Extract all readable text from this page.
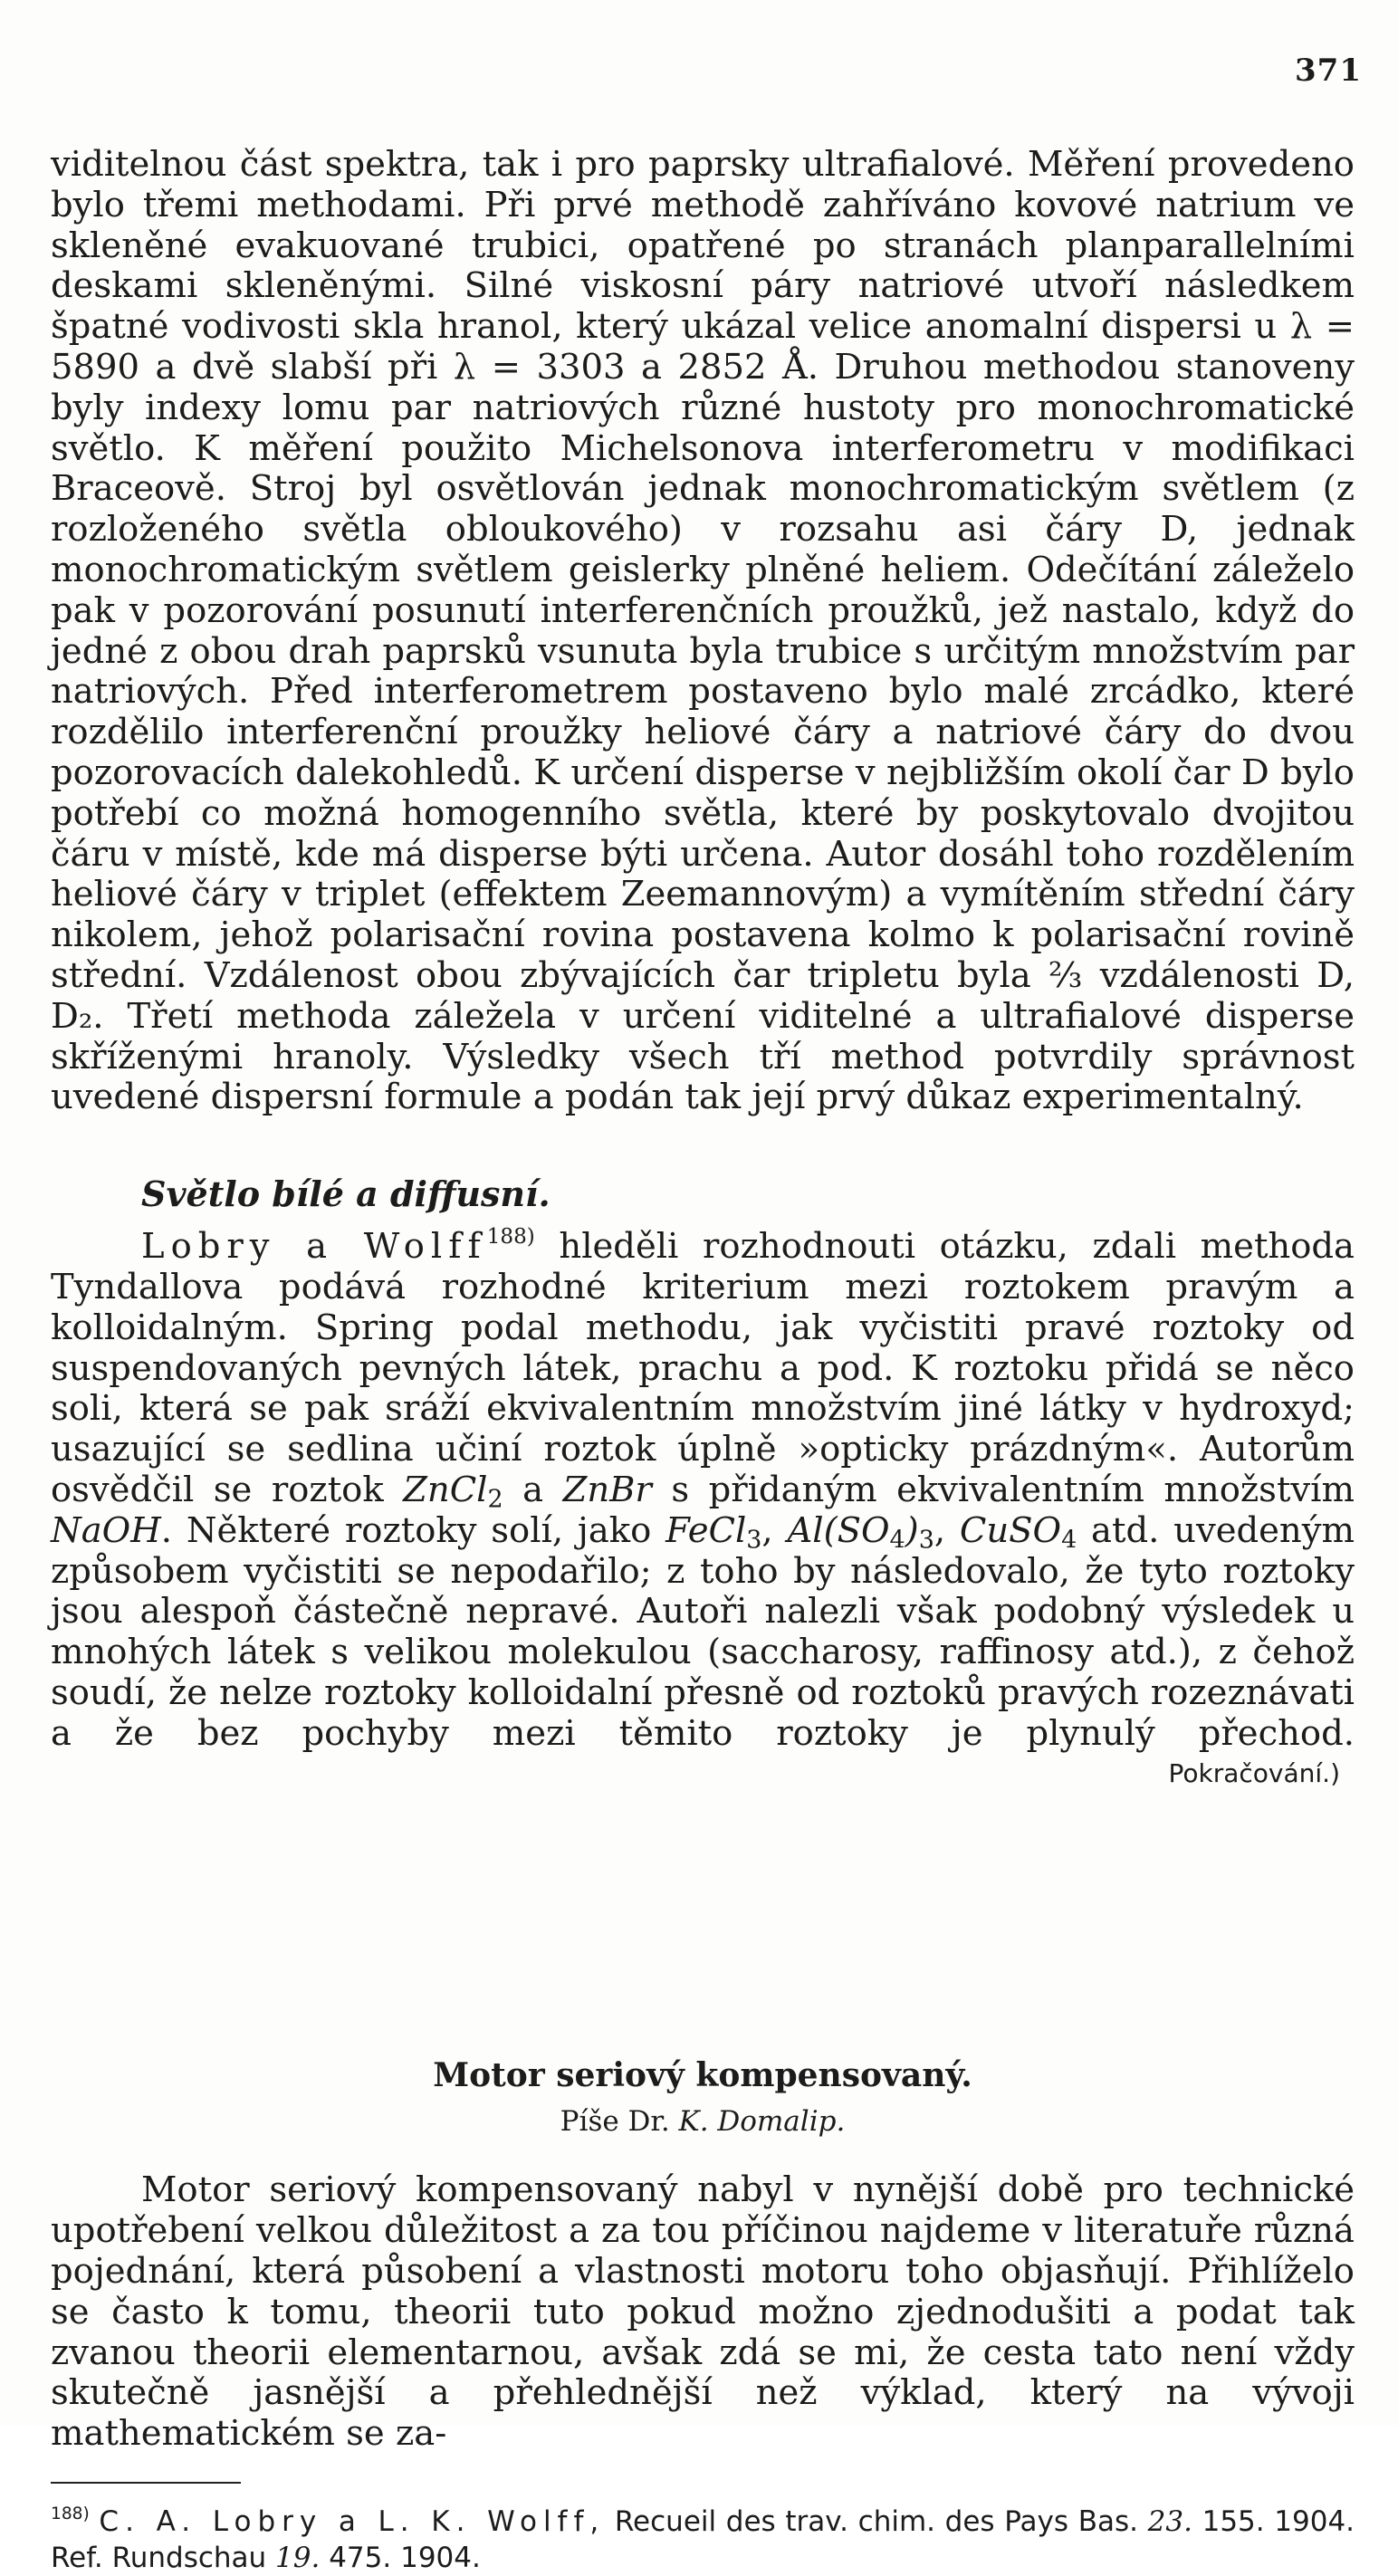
371

viditelnou část spektra, tak i pro paprsky ultrafialové. Měření provedeno bylo třemi methodami. Při prvé methodě zahříváno kovové natrium ve skleněné evakuované trubici, opatřené po stranách planparallelními deskami skleněnými. Silné viskosní páry natriové utvoří následkem špatné vodivosti skla hranol, který ukázal velice anomalní dispersi u λ = 5890 a dvě slabší při λ = 3303 a 2852 Å. Druhou methodou stanoveny byly indexy lomu par natriových různé hustoty pro monochromatické světlo. K měření použito Michelsonova interferometru v modifikaci Braceově. Stroj byl osvětlován jednak monochromatickým světlem (z rozloženého světla obloukového) v rozsahu asi čáry D, jednak monochromatickým světlem geislerky plněné heliem. Odečítání záleželo pak v pozorování posunutí interferenčních proužků, jež nastalo, když do jedné z obou drah paprsků vsunuta byla trubice s určitým množstvím par natriových. Před interferometrem postaveno bylo malé zrcádko, které rozdělilo interferenční proužky heliové čáry a natriové čáry do dvou pozorovacích dalekohledů. K určení disperse v nejbližším okolí čar D bylo potřebí co možná homogenního světla, které by poskytovalo dvojitou čáru v místě, kde má disperse býti určena. Autor dosáhl toho rozdělením heliové čáry v triplet (effektem Zeemannovým) a vymítěním střední čáry nikolem, jehož polarisační rovina postavena kolmo k polarisační rovině střední. Vzdálenost obou zbývajících čar tripletu byla ⅔ vzdálenosti D, D₂. Třetí methoda záležela v určení viditelné a ultrafialové disperse skříženými hranoly. Výsledky všech tří method potvrdily správnost uvedené dispersní formule a podán tak její prvý důkaz experimentalný.

Světlo bílé a diffusní.

Lobry a Wolff$^{188)}$ hleděli rozhodnouti otázku, zdali methoda Tyndallova podává rozhodné kriterium mezi roztokem pravým a kolloidalným. Spring podal methodu, jak vyčistiti pravé roztoky od suspendovaných pevných látek, prachu a pod. K roztoku přidá se něco soli, která se pak sráží ekvivalentním množstvím jiné látky v hydroxyd; usazující se sedlina učiní roztok úplně »opticky prázdným«. Autorům osvědčil se roztok ZnCl$_2$ a ZnBr s přidaným ekvivalentním množstvím NaOH. Některé roztoky solí, jako FeCl$_3$, $Al(SO_4)_3$, CuSO$_4$ atd. uvedeným způsobem vyčistiti se nepodařilo; z toho by následovalo, že tyto roztoky jsou alespoň částečně nepravé. Autoři nalezli však podobný výsledek u mnohých látek s velikou molekulou (saccharosy, raffinosy atd.), z čehož soudí, že nelze roztoky kolloidalní přesně od roztoků pravých rozeznávati a že bez pochyby mezi těmito roztoky je plynulý přechod.

Pokračování.)

Motor seriový kompensovaný.

Píše Dr. K. Domalip.

Motor seriový kompensovaný nabyl v nynější době pro technické upotřebení velkou důležitost a za tou příčinou najdeme v literatuře různá pojednání, která působení a vlastnosti motoru toho objasňují. Přihlíželo se často k tomu, theorii tuto pokud možno zjednodušiti a podat tak zvanou theorii elementarnou, avšak zdá se mi, že cesta tato není vždy skutečně jasnější a přehlednější než výklad, který na vývoji mathematickém se za-

$^{188)}$ C. A. Lobry a L. K. Wolff, Recueil des trav. chim. des Pays Bas. 23. 155. 1904. Ref. Rundschau 19. 475. 1904.
